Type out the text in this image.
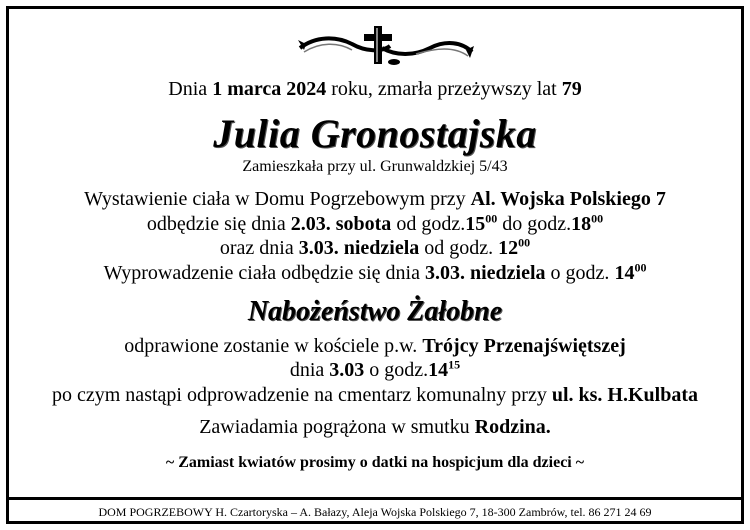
Dnia 1 marca 2024 roku, zmarła przeżywszy lat 79
Julia Gronostajska
Zamieszkała przy ul. Grunwaldzkiej 5/43
Wystawienie ciała w Domu Pogrzebowym przy Al. Wojska Polskiego 7
odbędzie się dnia 2.03. sobota od $godz.15^{00}$ do $godz.18^{00}$
oraz dnia 3.03. niedziela od godz. $12^{00}$
Wyprowadzenie ciała odbędzie się dnia 3.03. niedziela o godz. $14^{00}$
Nabożeństwo Żałobne
odprawione zostanie w kościele p.w. Trójcy Przenajświętszej
dnia 3.03 o $godz.14^{15}$
po czym nastąpi odprowadzenie na cmentarz komunalny przy ul. ks. H.Kulbata
Zawiadamia pogrążona w smutku Rodzina.
~ Zamiast kwiatów prosimy o datki na hospicjum dla dzieci ~
DOM POGRZEBOWY H. Czartoryska – A. Bałazy, Aleja Wojska Polskiego 7, 18-300 Zambrów, tel. 86 271 24 69
